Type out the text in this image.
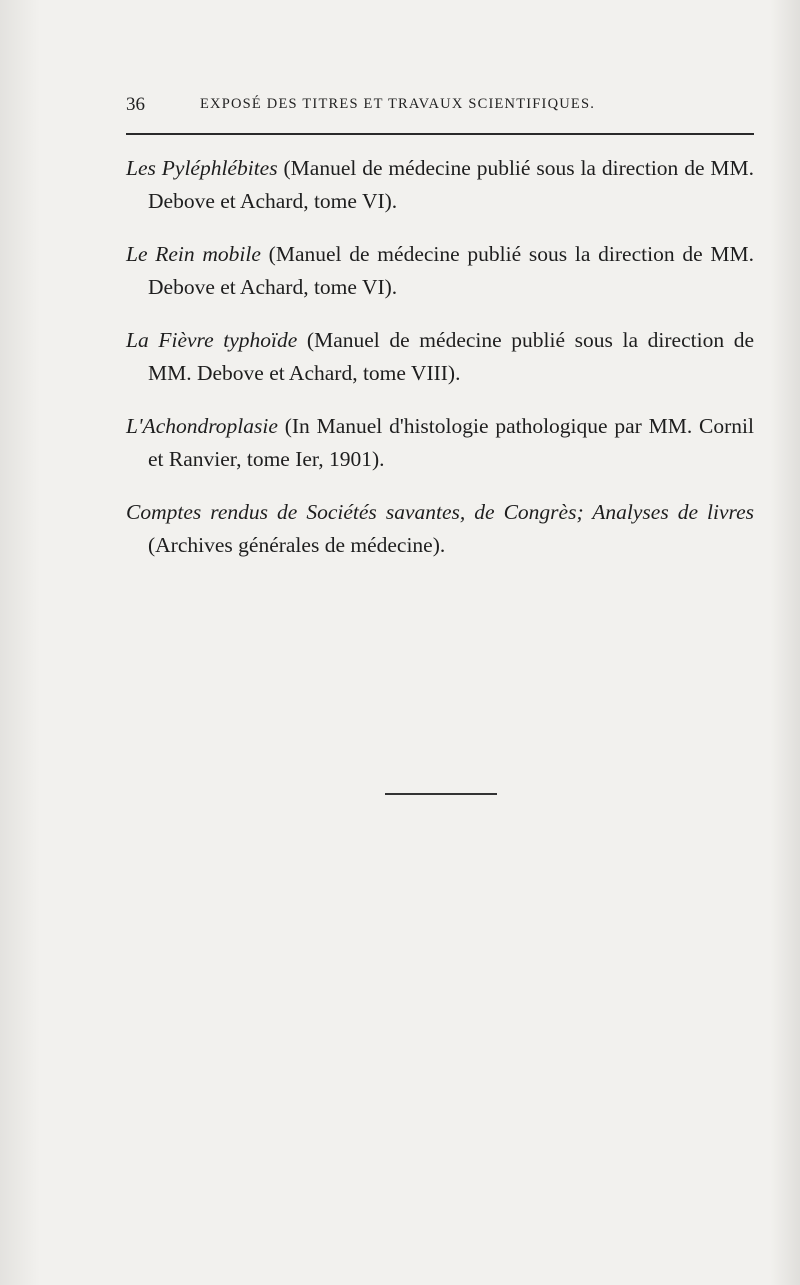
36	EXPOSÉ DES TITRES ET TRAVAUX SCIENTIFIQUES.

Les Pyléphlébites (Manuel de médecine publié sous la direction de MM. Debove et Achard, tome VI).

Le Rein mobile (Manuel de médecine publié sous la direction de MM. Debove et Achard, tome VI).

La Fièvre typhoïde (Manuel de médecine publié sous la direction de MM. Debove et Achard, tome VIII).

L'Achondroplasie (In Manuel d'histologie pathologique par MM. Cornil et Ranvier, tome Ier, 1901).

Comptes rendus de Sociétés savantes, de Congrès; Analyses de livres (Archives générales de médecine).
